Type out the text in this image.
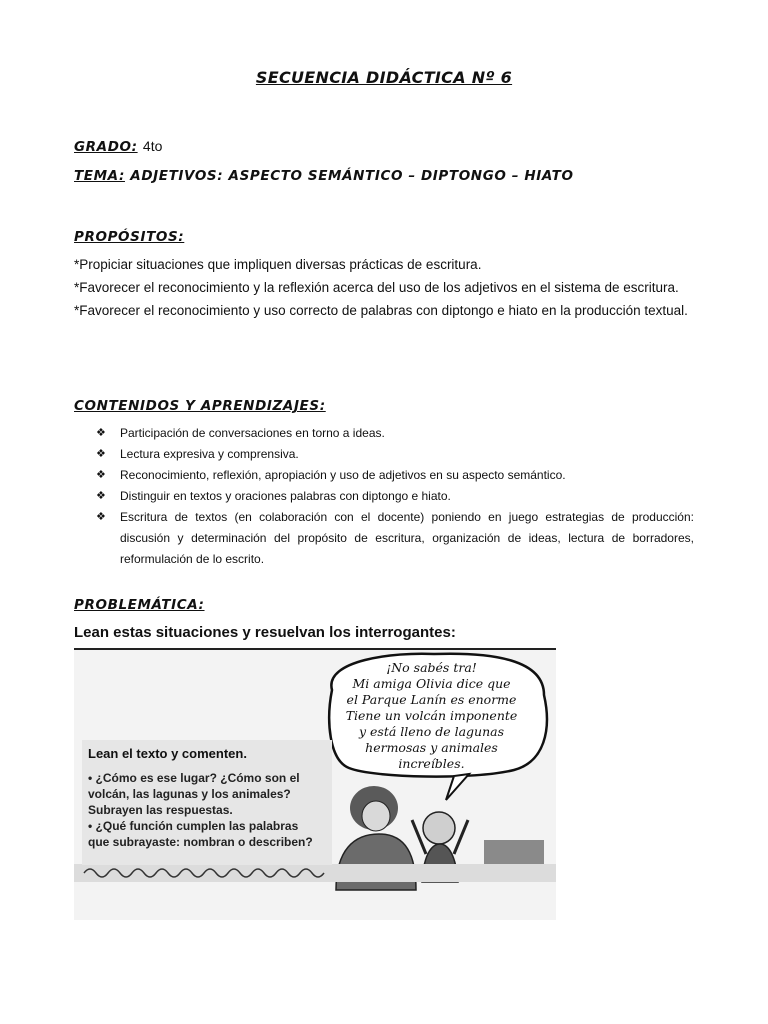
SECUENCIA DIDÁCTICA Nº 6
GRADO: 4to
TEMA: ADJETIVOS: ASPECTO SEMÁNTICO – DIPTONGO – HIATO
PROPÓSITOS:

*Propiciar situaciones que impliquen diversas prácticas de escritura.

*Favorecer el reconocimiento y la reflexión acerca del uso de los adjetivos en el sistema de escritura.

*Favorecer el reconocimiento y uso correcto de palabras con diptongo e hiato en la producción textual.

CONTENIDOS Y APRENDIZAJES:
❖ Participación de conversaciones en torno a ideas.
❖ Lectura expresiva y comprensiva.
❖ Reconocimiento, reflexión, apropiación y uso de adjetivos en su aspecto semántico.
❖ Distinguir en textos y oraciones palabras con diptongo e hiato.
❖ Escritura de textos (en colaboración con el docente) poniendo en juego estrategias de producción: discusión y determinación del propósito de escritura, organización de ideas, lectura de borradores, reformulación de lo escrito.
PROBLEMÁTICA:
Lean estas situaciones y resuelvan los interrogantes:
Lean el texto y comenten.
• ¿Cómo es ese lugar? ¿Cómo son el
volcán, las lagunas y los animales?
Subrayen las respuestas.
• ¿Qué función cumplen las palabras
que subrayaste: nombran o describen?
¡No sabés tra!
Mi amiga Olivia dice que
el Parque Lanín es enorme
Tiene un volcán imponente
y está lleno de lagunas
hermosas y animales
increíbles.
